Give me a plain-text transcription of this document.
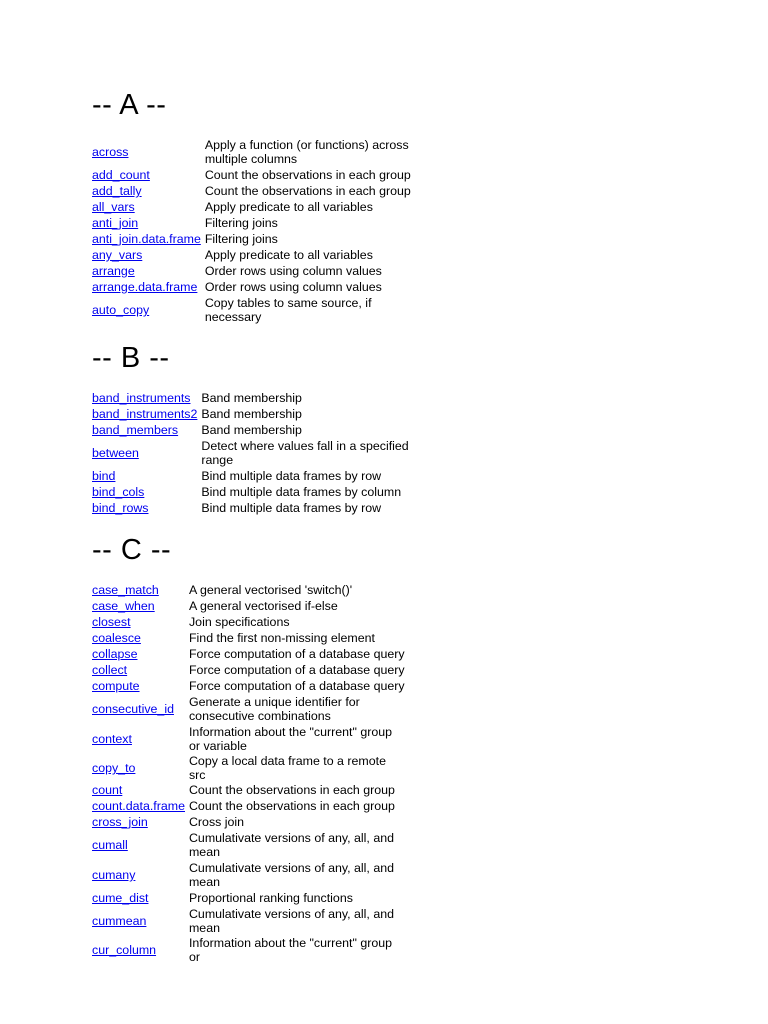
-- A --
across	Apply a function (or functions) across multiple columns
add_count	Count the observations in each group
add_tally	Count the observations in each group
all_vars	Apply predicate to all variables
anti_join	Filtering joins
anti_join.data.frame	Filtering joins
any_vars	Apply predicate to all variables
arrange	Order rows using column values
arrange.data.frame	Order rows using column values
auto_copy	Copy tables to same source, if necessary
-- B --
band_instruments	Band membership
band_instruments2	Band membership
band_members	Band membership
between	Detect where values fall in a specified range
bind	Bind multiple data frames by row
bind_cols	Bind multiple data frames by column
bind_rows	Bind multiple data frames by row
-- C --
case_match	A general vectorised 'switch()'
case_when	A general vectorised if-else
closest	Join specifications
coalesce	Find the first non-missing element
collapse	Force computation of a database query
collect	Force computation of a database query
compute	Force computation of a database query
consecutive_id	Generate a unique identifier for consecutive combinations
context	Information about the "current" group or variable
copy_to	Copy a local data frame to a remote src
count	Count the observations in each group
count.data.frame	Count the observations in each group
cross_join	Cross join
cumall	Cumulativate versions of any, all, and mean
cumany	Cumulativate versions of any, all, and mean
cume_dist	Proportional ranking functions
cummean	Cumulativate versions of any, all, and mean
cur_column	Information about the "current" group or
